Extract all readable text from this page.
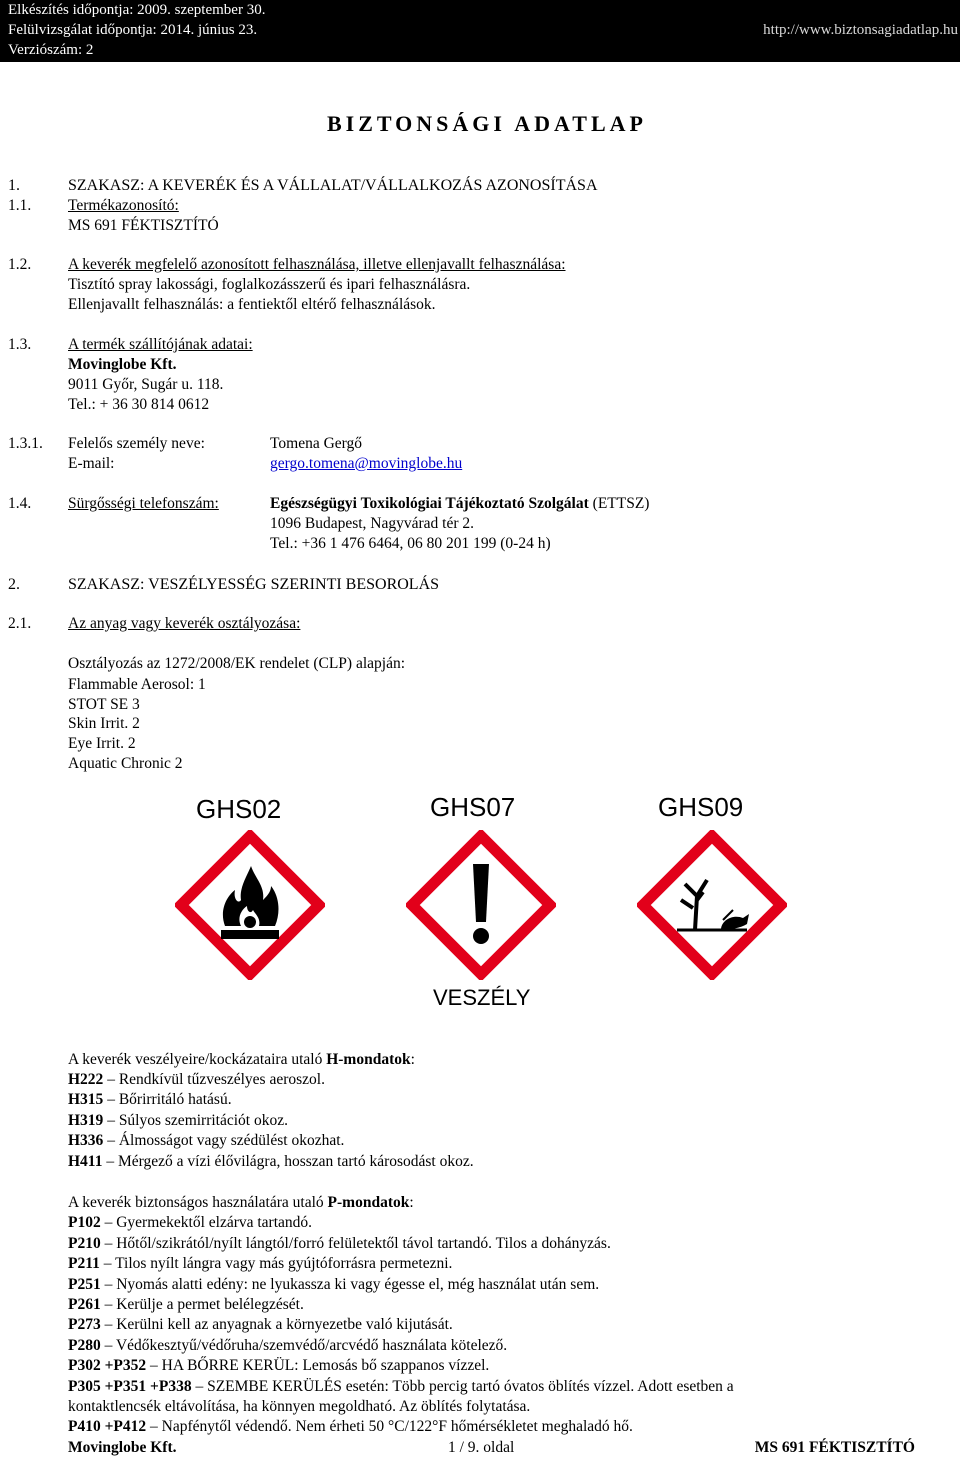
Elkészítés időpontja: 2009. szeptember 30.
Felülvizsgálat időpontja: 2014. június 23.
Verziószám: 2
http://www.biztonsagiadatlap.hu
BIZTONSÁGI ADATLAP
1.	SZAKASZ: A KEVERÉK ÉS A VÁLLALAT/VÁLLALKOZÁS AZONOSÍTÁSA
1.1. Termékazonosító:
MS 691 FÉKTISZTÍTÓ
1.2. A keverék megfelelő azonosított felhasználása, illetve ellenjavallt felhasználása:
Tisztító spray lakossági, foglalkozásszerű és ipari felhasználásra.
Ellenjavallt felhasználás: a fentiektől eltérő felhasználások.
1.3. A termék szállítójának adatai:
Movinglobe Kft.
9011 Győr, Sugár u. 118.
Tel.: + 36 30 814 0612
1.3.1. Felelős személy neve:	Tomena Gergő
E-mail:	gergo.tomena@movinglobe.hu
1.4. Sürgősségi telefonszám:	Egészségügyi Toxikológiai Tájékoztató Szolgálat (ETTSZ)
1096 Budapest, Nagyvárad tér 2.
Tel.: +36 1 476 6464, 06 80 201 199 (0-24 h)
2.	SZAKASZ: VESZÉLYESSÉG SZERINTI BESOROLÁS
2.1. Az anyag vagy keverék osztályozása:
Osztályozás az 1272/2008/EK rendelet (CLP) alapján:
Flammable Aerosol: 1
STOT SE 3
Skin Irrit. 2
Eye Irrit. 2
Aquatic Chronic 2
GHS02	GHS07	GHS09
VESZÉLY
A keverék veszélyeire/kockázataira utaló H-mondatok:
H222 – Rendkívül tűzveszélyes aeroszol.
H315 – Bőrirritáló hatású.
H319 – Súlyos szemirritációt okoz.
H336 – Álmosságot vagy szédülést okozhat.
H411 – Mérgező a vízi élővilágra, hosszan tartó károsodást okoz.
A keverék biztonságos használatára utaló P-mondatok:
P102 – Gyermekektől elzárva tartandó.
P210 – Hőtől/szikrától/nyílt lángtól/forró felületektől távol tartandó. Tilos a dohányzás.
P211 – Tilos nyílt lángra vagy más gyújtóforrásra permetezni.
P251 – Nyomás alatti edény: ne lyukassza ki vagy égesse el, még használat után sem.
P261 – Kerülje a permet belélegzését.
P273 – Kerülni kell az anyagnak a környezetbe való kijutását.
P280 – Védőkesztyű/védőruha/szemvédő/arcvédő használata kötelező.
P302 +P352 – HA BŐRRE KERÜL: Lemosás bő szappanos vízzel.
P305 +P351 +P338 – SZEMBE KERÜLÉS esetén: Több percig tartó óvatos öblítés vízzel. Adott esetben a
kontaktlencsék eltávolítása, ha könnyen megoldható. Az öblítés folytatása.
P410 +P412 – Napfénytől védendő. Nem érheti 50 °C/122°F hőmérsékletet meghaladó hő.
Movinglobe Kft.	1 / 9. oldal	MS 691 FÉKTISZTÍTÓ
